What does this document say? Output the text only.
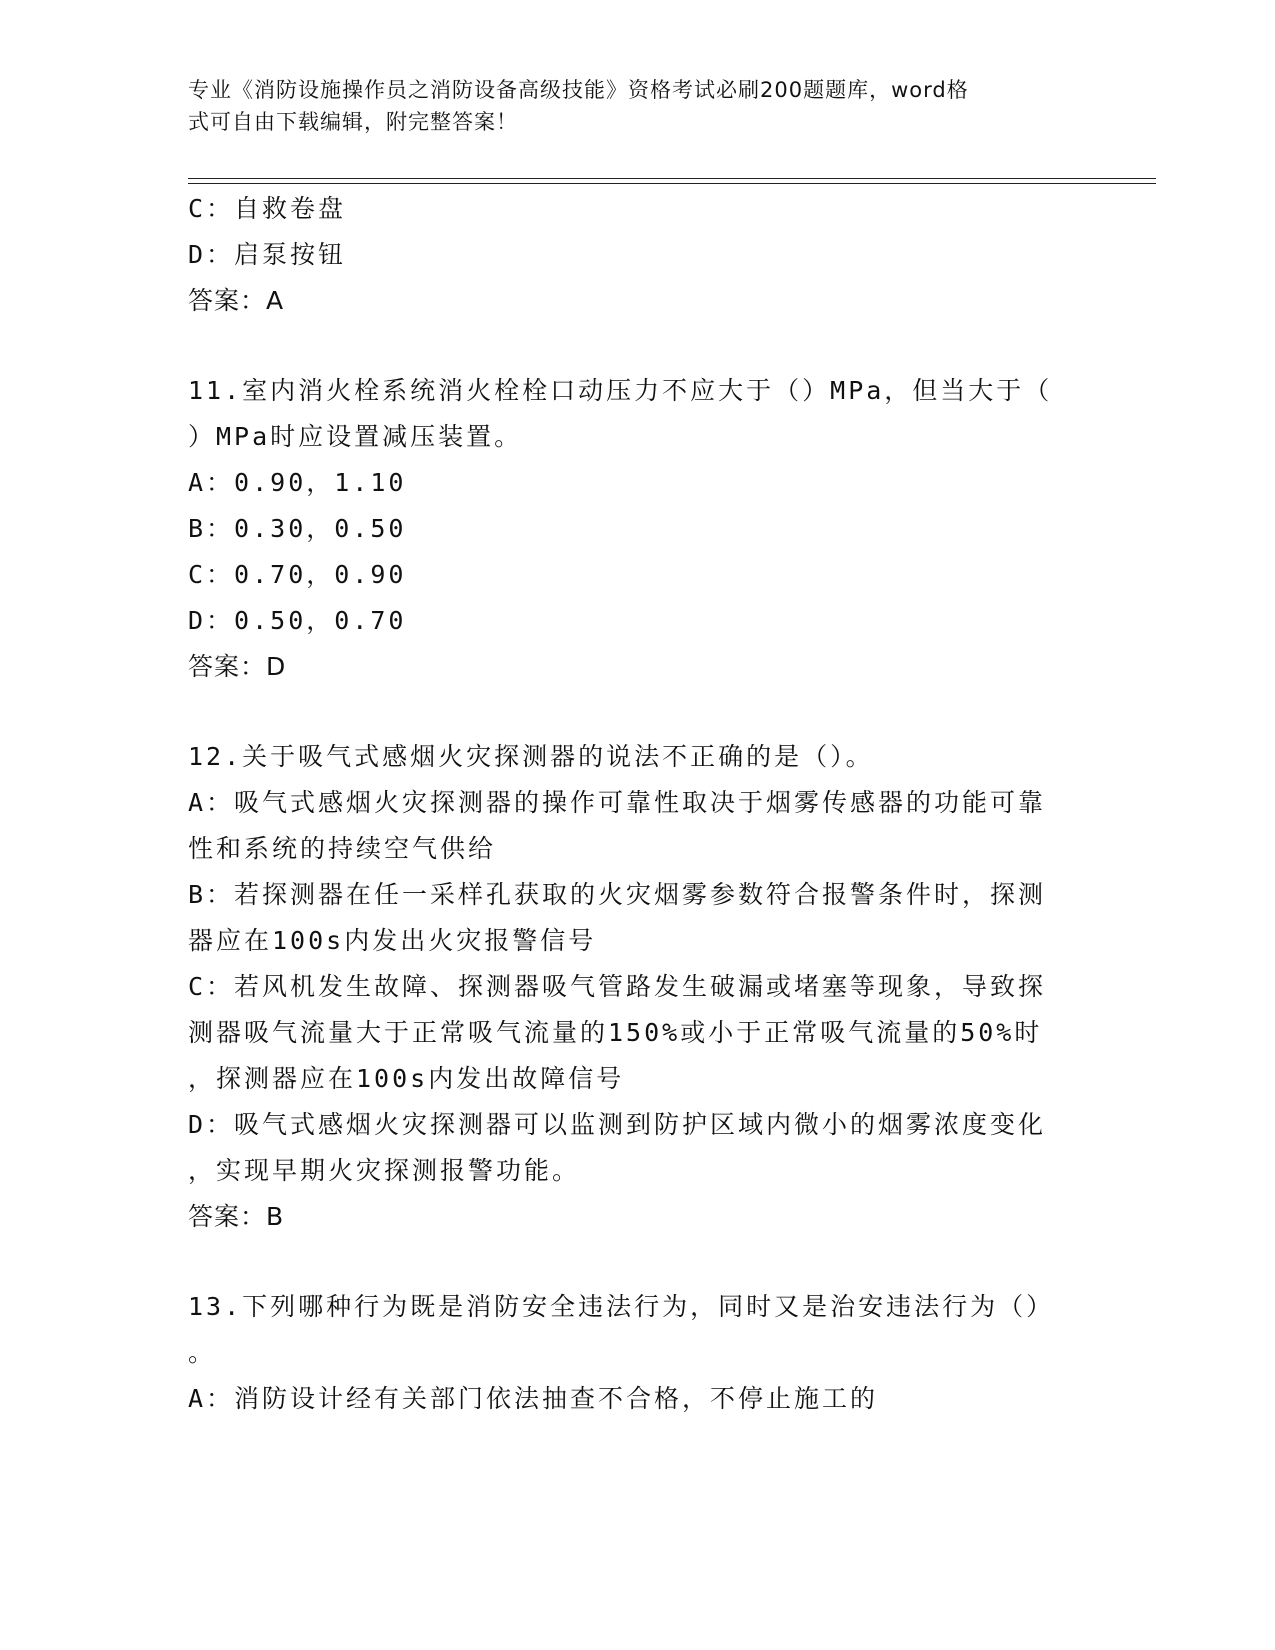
专业《消防设施操作员之消防设备高级技能》资格考试必刷200题题库，word格
式可自由下载编辑，附完整答案！
C：自救卷盘
D：启泵按钮
答案：A
11.室内消火栓系统消火栓栓口动压力不应大于（）MPa，但当大于（
）MPa时应设置减压装置。
A：0.90，1.10
B：0.30，0.50
C：0.70，0.90
D：0.50，0.70
答案：D
12.关于吸气式感烟火灾探测器的说法不正确的是（）。
A：吸气式感烟火灾探测器的操作可靠性取决于烟雾传感器的功能可靠
性和系统的持续空气供给
B：若探测器在任一采样孔获取的火灾烟雾参数符合报警条件时，探测
器应在100s内发出火灾报警信号
C：若风机发生故障、探测器吸气管路发生破漏或堵塞等现象，导致探
测器吸气流量大于正常吸气流量的150%或小于正常吸气流量的50%时
，探测器应在100s内发出故障信号
D：吸气式感烟火灾探测器可以监测到防护区域内微小的烟雾浓度变化
，实现早期火灾探测报警功能。
答案：B
13.下列哪种行为既是消防安全违法行为，同时又是治安违法行为（）
。
A：消防设计经有关部门依法抽查不合格，不停止施工的
